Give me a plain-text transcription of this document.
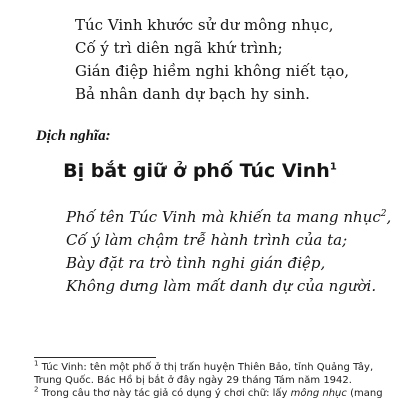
Túc Vinh khước sử dư mông nhục,
Cố ý trì diên ngã khứ trình;
Gián điệp hiềm nghi không niết tạo,
Bả nhân danh dự bạch hy sinh.
Dịch nghĩa:
Bị bắt giữ ở phố Túc Vinh$^1$
Phố tên Túc Vinh mà khiến ta mang nhục$^2$,
Cố ý làm chậm trễ hành trình của ta;
Bày đặt ra trò tình nghi gián điệp,
Không dưng làm mất danh dự của người.
$^1$ Túc Vinh: tên một phố ở thị trấn huyện Thiên Bảo, tỉnh Quảng Tây,
Trung Quốc. Bác Hồ bị bắt ở đây ngày 29 tháng Tám năm 1942.
$^2$ Trong câu thơ này tác giả có dụng ý chơi chữ: lấy mông nhục (mang
